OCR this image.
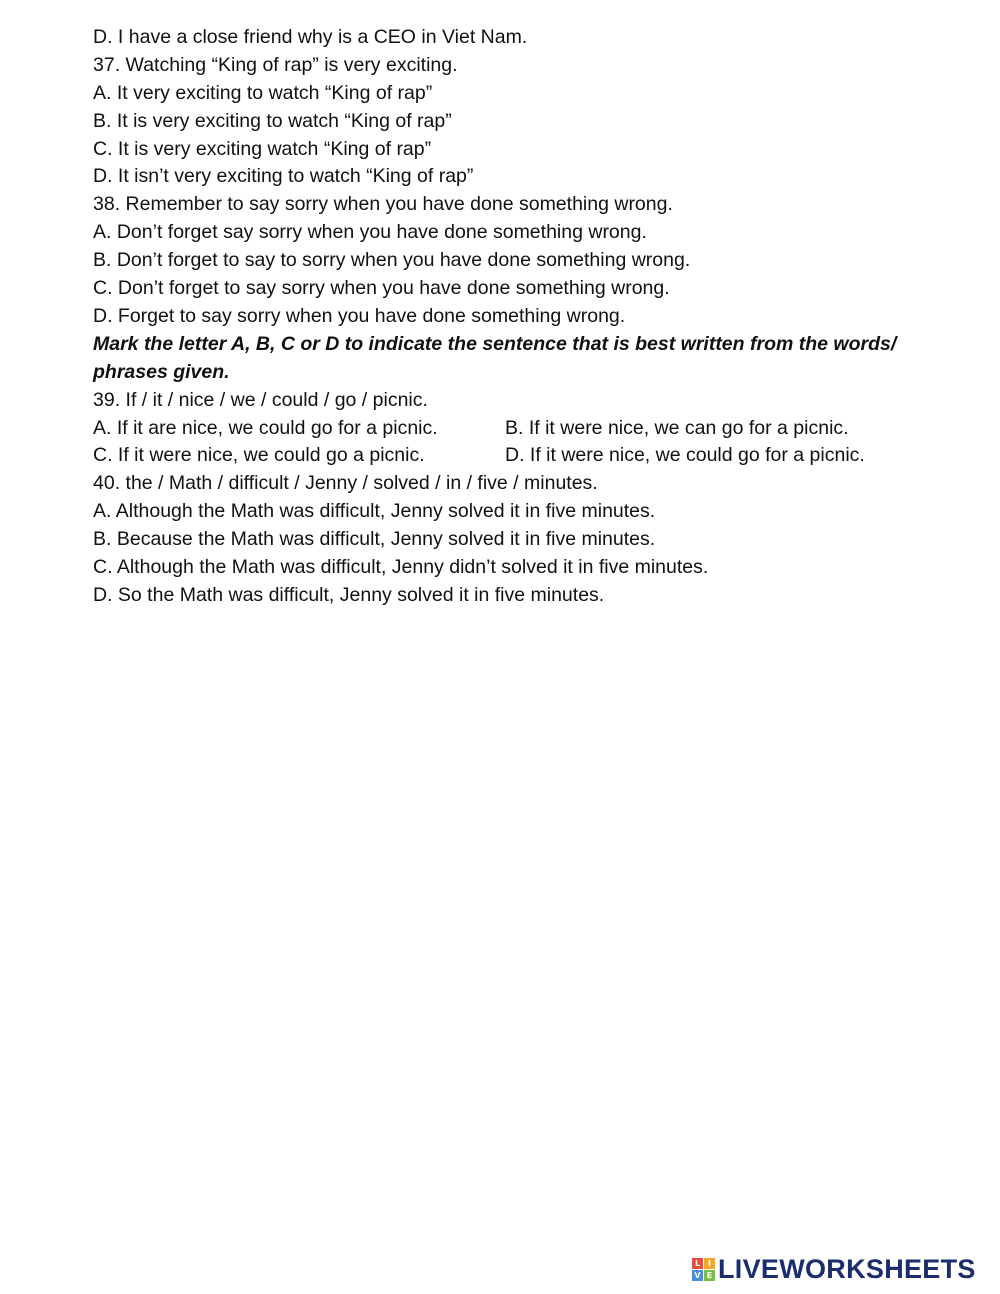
D. I have a close friend why is a CEO in Viet Nam.
37. Watching “King of rap” is very exciting.
A. It very exciting to watch “King of rap”
B. It is very exciting to watch “King of rap”
C. It is very exciting watch “King of rap”
D. It isn’t very exciting to watch “King of rap”
38. Remember to say sorry when you have done something wrong.
A. Don’t forget say sorry when you have done something wrong.
B. Don’t forget to say to sorry when you have done something wrong.
C. Don’t forget to say sorry when you have done something wrong.
D. Forget to say sorry when you have done something wrong.
Mark the letter A, B, C or D to indicate the sentence that is best written from the words/ phrases given.
39. If / it / nice / we / could / go / picnic.
A. If it are nice, we could go for a picnic.	B. If it were nice, we can go for a picnic.
C. If it were nice, we could go a picnic.	D. If it were nice, we could go for a picnic.
40. the / Math / difficult / Jenny / solved / in / five / minutes.
A. Although the Math was difficult, Jenny solved it in five minutes.
B. Because the Math was difficult, Jenny solved it in five minutes.
C. Although the Math was difficult, Jenny didn’t solved it in five minutes.
D. So the Math was difficult, Jenny solved it in five minutes.
L I
V E LIVEWORKSHEETS
